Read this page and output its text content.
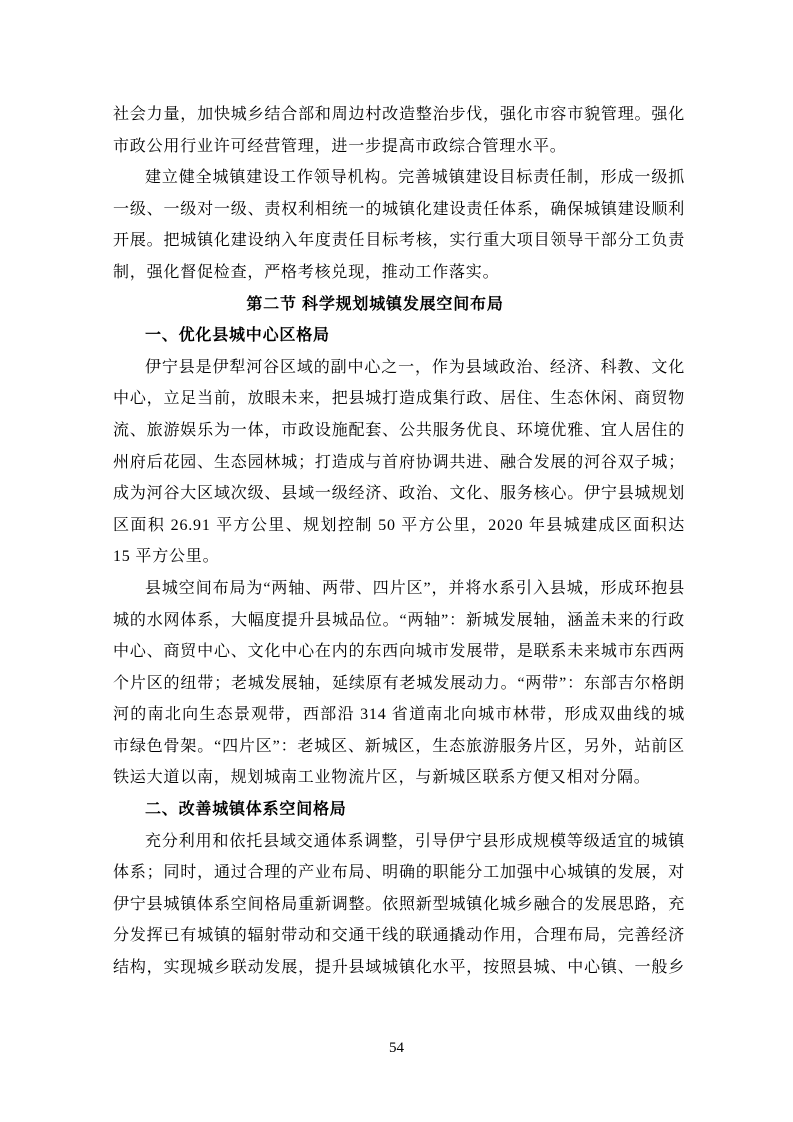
社会力量，加快城乡结合部和周边村改造整治步伐，强化市容市貌管理。强化市政公用行业许可经营管理，进一步提高市政综合管理水平。

建立健全城镇建设工作领导机构。完善城镇建设目标责任制，形成一级抓一级、一级对一级、责权利相统一的城镇化建设责任体系，确保城镇建设顺利开展。把城镇化建设纳入年度责任目标考核，实行重大项目领导干部分工负责制，强化督促检查，严格考核兑现，推动工作落实。

第二节 科学规划城镇发展空间布局

一、优化县城中心区格局

伊宁县是伊犁河谷区域的副中心之一，作为县域政治、经济、科教、文化中心，立足当前，放眼未来，把县城打造成集行政、居住、生态休闲、商贸物流、旅游娱乐为一体，市政设施配套、公共服务优良、环境优雅、宜人居住的州府后花园、生态园林城；打造成与首府协调共进、融合发展的河谷双子城；成为河谷大区域次级、县域一级经济、政治、文化、服务核心。伊宁县城规划区面积 26.91 平方公里、规划控制 50 平方公里，2020 年县城建成区面积达 15 平方公里。

县城空间布局为“两轴、两带、四片区”，并将水系引入县城，形成环抱县城的水网体系，大幅度提升县城品位。“两轴”：新城发展轴，涵盖未来的行政中心、商贸中心、文化中心在内的东西向城市发展带，是联系未来城市东西两个片区的纽带；老城发展轴，延续原有老城发展动力。“两带”：东部吉尔格朗河的南北向生态景观带，西部沿 314 省道南北向城市林带，形成双曲线的城市绿色骨架。“四片区”：老城区、新城区，生态旅游服务片区，另外，站前区铁运大道以南，规划城南工业物流片区，与新城区联系方便又相对分隔。

二、改善城镇体系空间格局

充分利用和依托县域交通体系调整，引导伊宁县形成规模等级适宜的城镇体系；同时，通过合理的产业布局、明确的职能分工加强中心城镇的发展，对伊宁县城镇体系空间格局重新调整。依照新型城镇化城乡融合的发展思路，充分发挥已有城镇的辐射带动和交通干线的联通撬动作用，合理布局，完善经济结构，实现城乡联动发展，提升县域城镇化水平，按照县城、中心镇、一般乡

54
